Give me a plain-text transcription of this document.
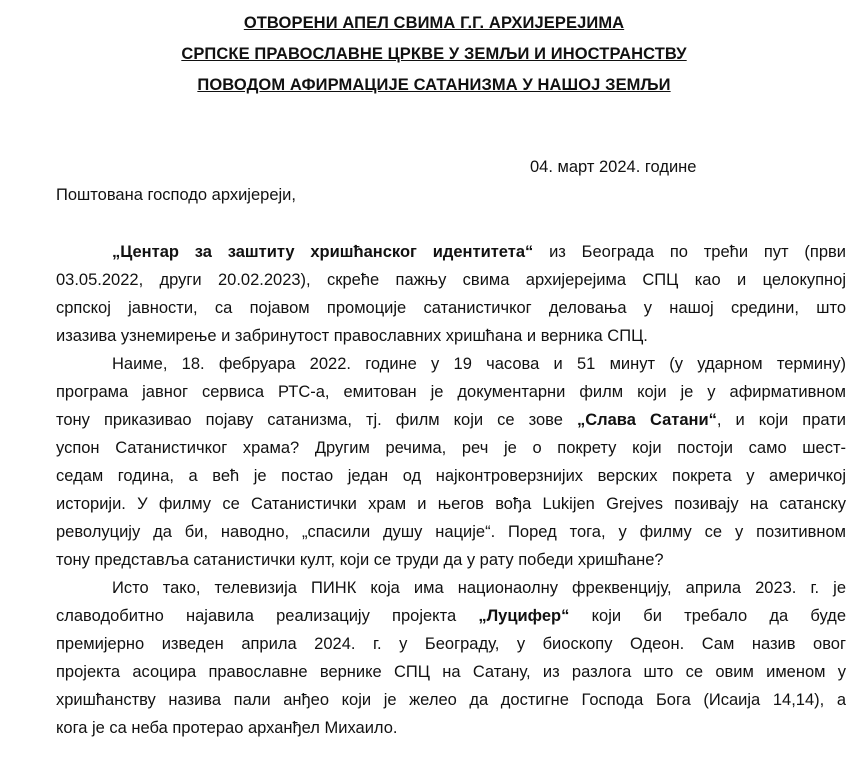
ОТВОРЕНИ АПЕЛ СВИМА Г.Г. АРХИЈЕРЕЈИМА
СРПСКЕ ПРАВОСЛАВНЕ ЦРКВЕ У ЗЕМЉИ И ИНОСТРАНСТВУ
ПОВОДОМ АФИРМАЦИЈЕ САТАНИЗМА У НАШОЈ ЗЕМЉИ
04. март 2024. године
Поштована господо архијереји,
„Центар за заштиту хришћанског идентитета“ из Београда по трећи пут (први
03.05.2022, други 20.02.2023), скреће пажњу свима архијерејима СПЦ као и целокупној
српској јавности, са појавом промоције сатанистичког деловања у нашој средини, што
изазива узнемирење и забринутост православних хришћана и верника СПЦ.
Наиме, 18. фебруара 2022. године у 19 часова и 51 минут (у ударном термину)
програма јавног сервиса РТС-а, емитован је документарни филм који је у афирмативном
тону приказивао појаву сатанизма, тј. филм који се зове „Слава Сатани“, и који прати
успон Сатанистичког храма? Другим речима, реч је о покрету који постоји само шест-
седам година, а већ је постао један од најконтроверзнијих верских покрета у америчкој
историји. У филму се Сатанистички храм и његов вођа Lukijen Grejves позивају на сатанску
револуцију да би, наводно, „спасили душу нације“. Поред тога, у филму се у позитивном
тону представља сатанистички култ, који се труди да у рату победи хришћане?
Исто тако, телевизија ПИНК која има национаолну фреквенцију, априла 2023. г. је
славодобитно најавила реализацију пројекта „Луцифер“ који би требало да буде
премијерно изведен априла 2024. г. у Београду, у биоскопу Одеон. Сам назив овог
пројекта асоцира православне вернике СПЦ на Сатану, из разлога што се овим именом у
хришћанству назива пали анђео који је желео да достигне Господа Бога (Исаија 14,14), а
кога је са неба протерао арханђел Михаило.
